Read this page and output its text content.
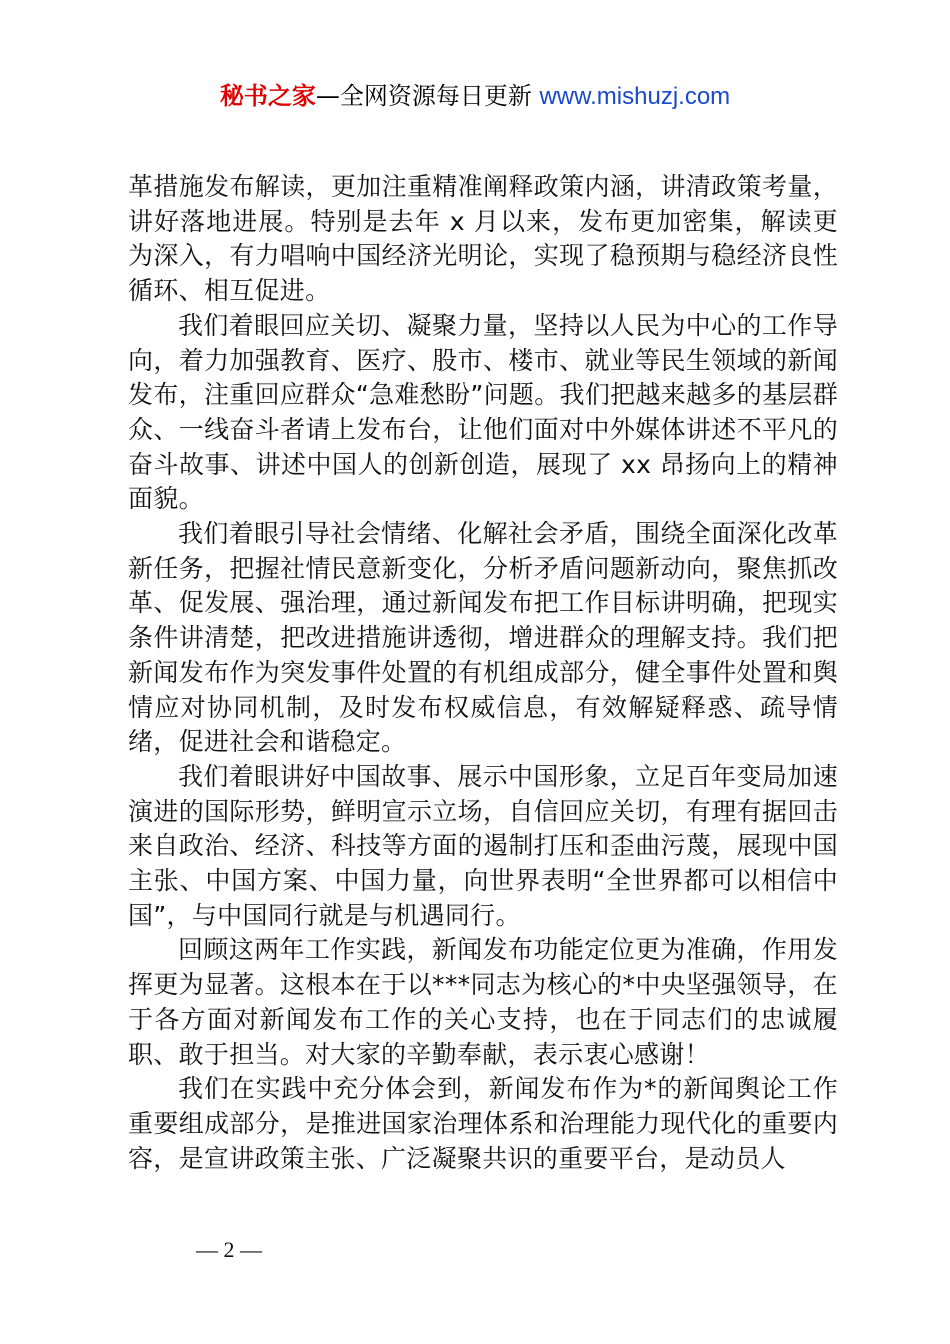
秘书之家—全网资源每日更新 www.mishuzj.com

革措施发布解读，更加注重精准阐释政策内涵，讲清政策考量，讲好落地进展。特别是去年 x 月以来，发布更加密集，解读更为深入，有力唱响中国经济光明论，实现了稳预期与稳经济良性循环、相互促进。

我们着眼回应关切、凝聚力量，坚持以人民为中心的工作导向，着力加强教育、医疗、股市、楼市、就业等民生领域的新闻发布，注重回应群众“急难愁盼”问题。我们把越来越多的基层群众、一线奋斗者请上发布台，让他们面对中外媒体讲述不平凡的奋斗故事、讲述中国人的创新创造，展现了 xx 昂扬向上的精神面貌。

我们着眼引导社会情绪、化解社会矛盾，围绕全面深化改革新任务，把握社情民意新变化，分析矛盾问题新动向，聚焦抓改革、促发展、强治理，通过新闻发布把工作目标讲明确，把现实条件讲清楚，把改进措施讲透彻，增进群众的理解支持。我们把新闻发布作为突发事件处置的有机组成部分，健全事件处置和舆情应对协同机制，及时发布权威信息，有效解疑释惑、疏导情绪，促进社会和谐稳定。

我们着眼讲好中国故事、展示中国形象，立足百年变局加速演进的国际形势，鲜明宣示立场，自信回应关切，有理有据回击来自政治、经济、科技等方面的遏制打压和歪曲污蔑，展现中国主张、中国方案、中国力量，向世界表明“全世界都可以相信中国”，与中国同行就是与机遇同行。

回顾这两年工作实践，新闻发布功能定位更为准确，作用发挥更为显著。这根本在于以***同志为核心的*中央坚强领导，在于各方面对新闻发布工作的关心支持，也在于同志们的忠诚履职、敢于担当。对大家的辛勤奉献，表示衷心感谢！

我们在实践中充分体会到，新闻发布作为*的新闻舆论工作重要组成部分，是推进国家治理体系和治理能力现代化的重要内容，是宣讲政策主张、广泛凝聚共识的重要平台，是动员人

— 2 —
